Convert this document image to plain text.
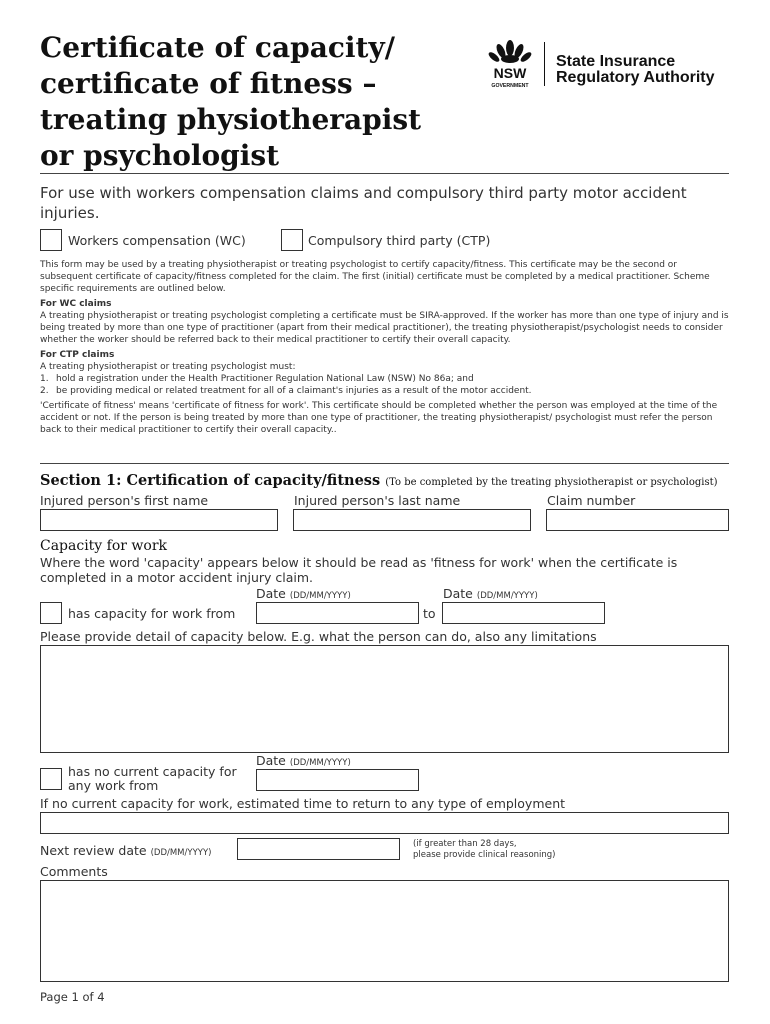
Certificate of capacity/
certificate of fitness –
treating physiotherapist
or psychologist
NSW
GOVERNMENT
State Insurance
Regulatory Authority
For use with workers compensation claims and compulsory third party motor accident injuries.
Workers compensation (WC)	Compulsory third party (CTP)

This form may be used by a treating physiotherapist or treating psychologist to certify capacity/fitness. This certificate may be the second or subsequent certificate of capacity/fitness completed for the claim. The first (initial) certificate must be completed by a medical practitioner. Scheme specific requirements are outlined below.

For WC claims

A treating physiotherapist or treating psychologist completing a certificate must be SIRA-approved. If the worker has more than one type of injury and is being treated by more than one type of practitioner (apart from their medical practitioner), the treating physiotherapist/psychologist needs to consider whether the worker should be referred back to their medical practitioner to certify their overall capacity.

For CTP claims

A treating physiotherapist or treating psychologist must:

1. hold a registration under the Health Practitioner Regulation National Law (NSW) No 86a; and

2. be providing medical or related treatment for all of a claimant's injuries as a result of the motor accident.

'Certificate of fitness' means 'certificate of fitness for work'. This certificate should be completed whether the person was employed at the time of the accident or not. If the person is being treated by more than one type of practitioner, the treating physiotherapist/ psychologist must refer the person back to their medical practitioner to certify their overall capacity..

Section 1: Certification of capacity/fitness (To be completed by the treating physiotherapist or psychologist)
Injured person's first name	Injured person's last name	Claim number
Capacity for work
Where the word 'capacity' appears below it should be read as 'fitness for work' when the certificate is completed in a motor accident injury claim.
Date (DD/MM/YYYY)	Date (DD/MM/YYYY)
has capacity for work from	to
Please provide detail of capacity below. E.g. what the person can do, also any limitations
Date (DD/MM/YYYY)
has no current capacity for
any work from
If no current capacity for work, estimated time to return to any type of employment
Next review date (DD/MM/YYYY)
(if greater than 28 days,
please provide clinical reasoning)
Comments
Page 1 of 4
